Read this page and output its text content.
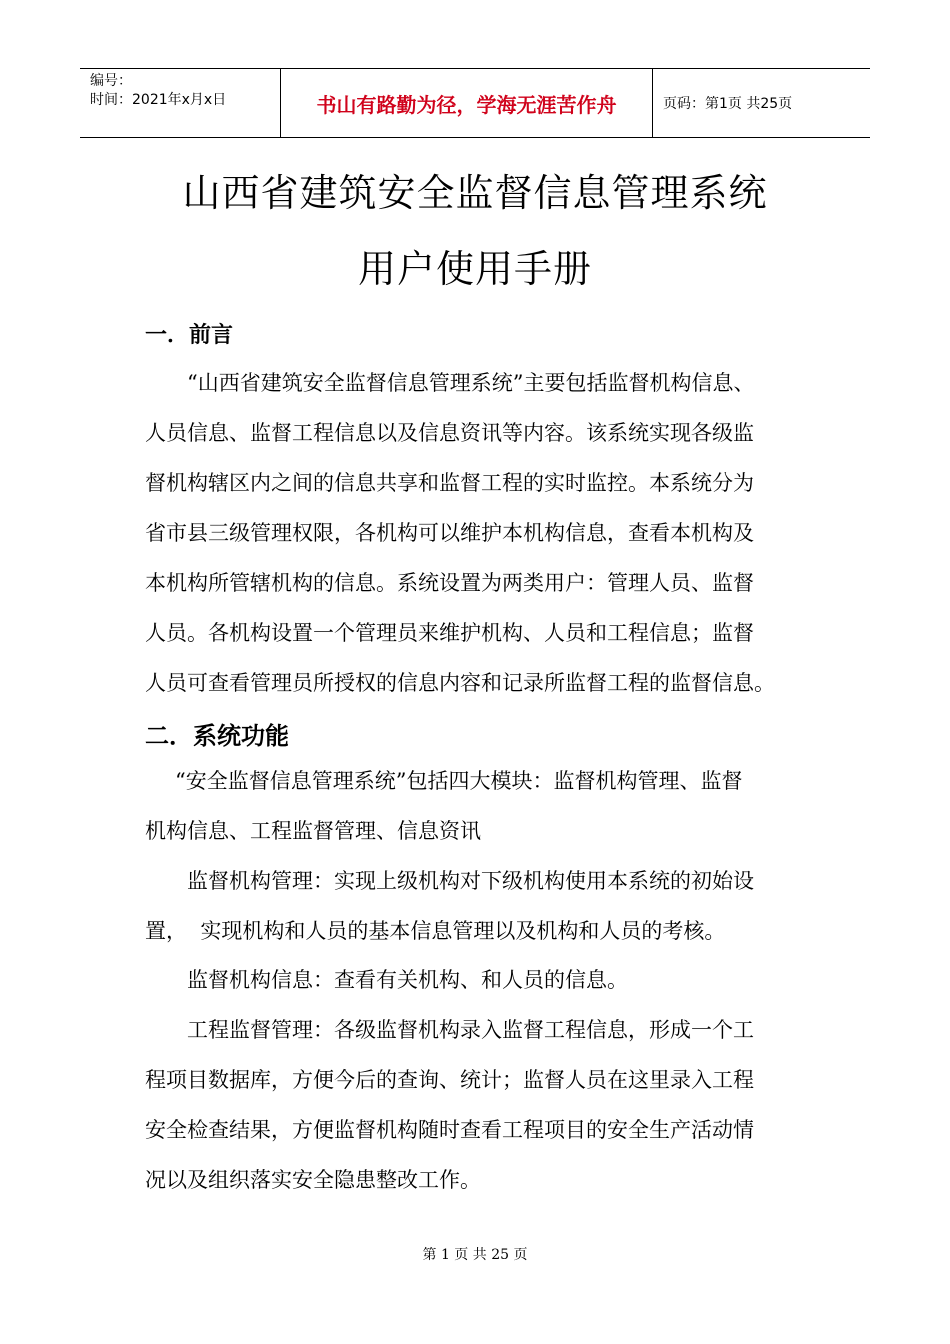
编号：
时间：2021年x月x日	书山有路勤为径，学海无涯苦作舟	页码：第1页 共25页
山西省建筑安全监督信息管理系统
用户使用手册
一．前言
“山西省建筑安全监督信息管理系统”主要包括监督机构信息、
人员信息、监督工程信息以及信息资讯等内容。该系统实现各级监
督机构辖区内之间的信息共享和监督工程的实时监控。本系统分为
省市县三级管理权限，各机构可以维护本机构信息，查看本机构及
本机构所管辖机构的信息。系统设置为两类用户：管理人员、监督
人员。各机构设置一个管理员来维护机构、人员和工程信息；监督
人员可查看管理员所授权的信息内容和记录所监督工程的监督信息。
二．系统功能
“安全监督信息管理系统”包括四大模块：监督机构管理、监督
机构信息、工程监督管理、信息资讯
监督机构管理：实现上级机构对下级机构使用本系统的初始设
置，  实现机构和人员的基本信息管理以及机构和人员的考核。
监督机构信息：查看有关机构、和人员的信息。
工程监督管理：各级监督机构录入监督工程信息，形成一个工
程项目数据库，方便今后的查询、统计；监督人员在这里录入工程
安全检查结果，方便监督机构随时查看工程项目的安全生产活动情
况以及组织落实安全隐患整改工作。
第 1 页 共 25 页
